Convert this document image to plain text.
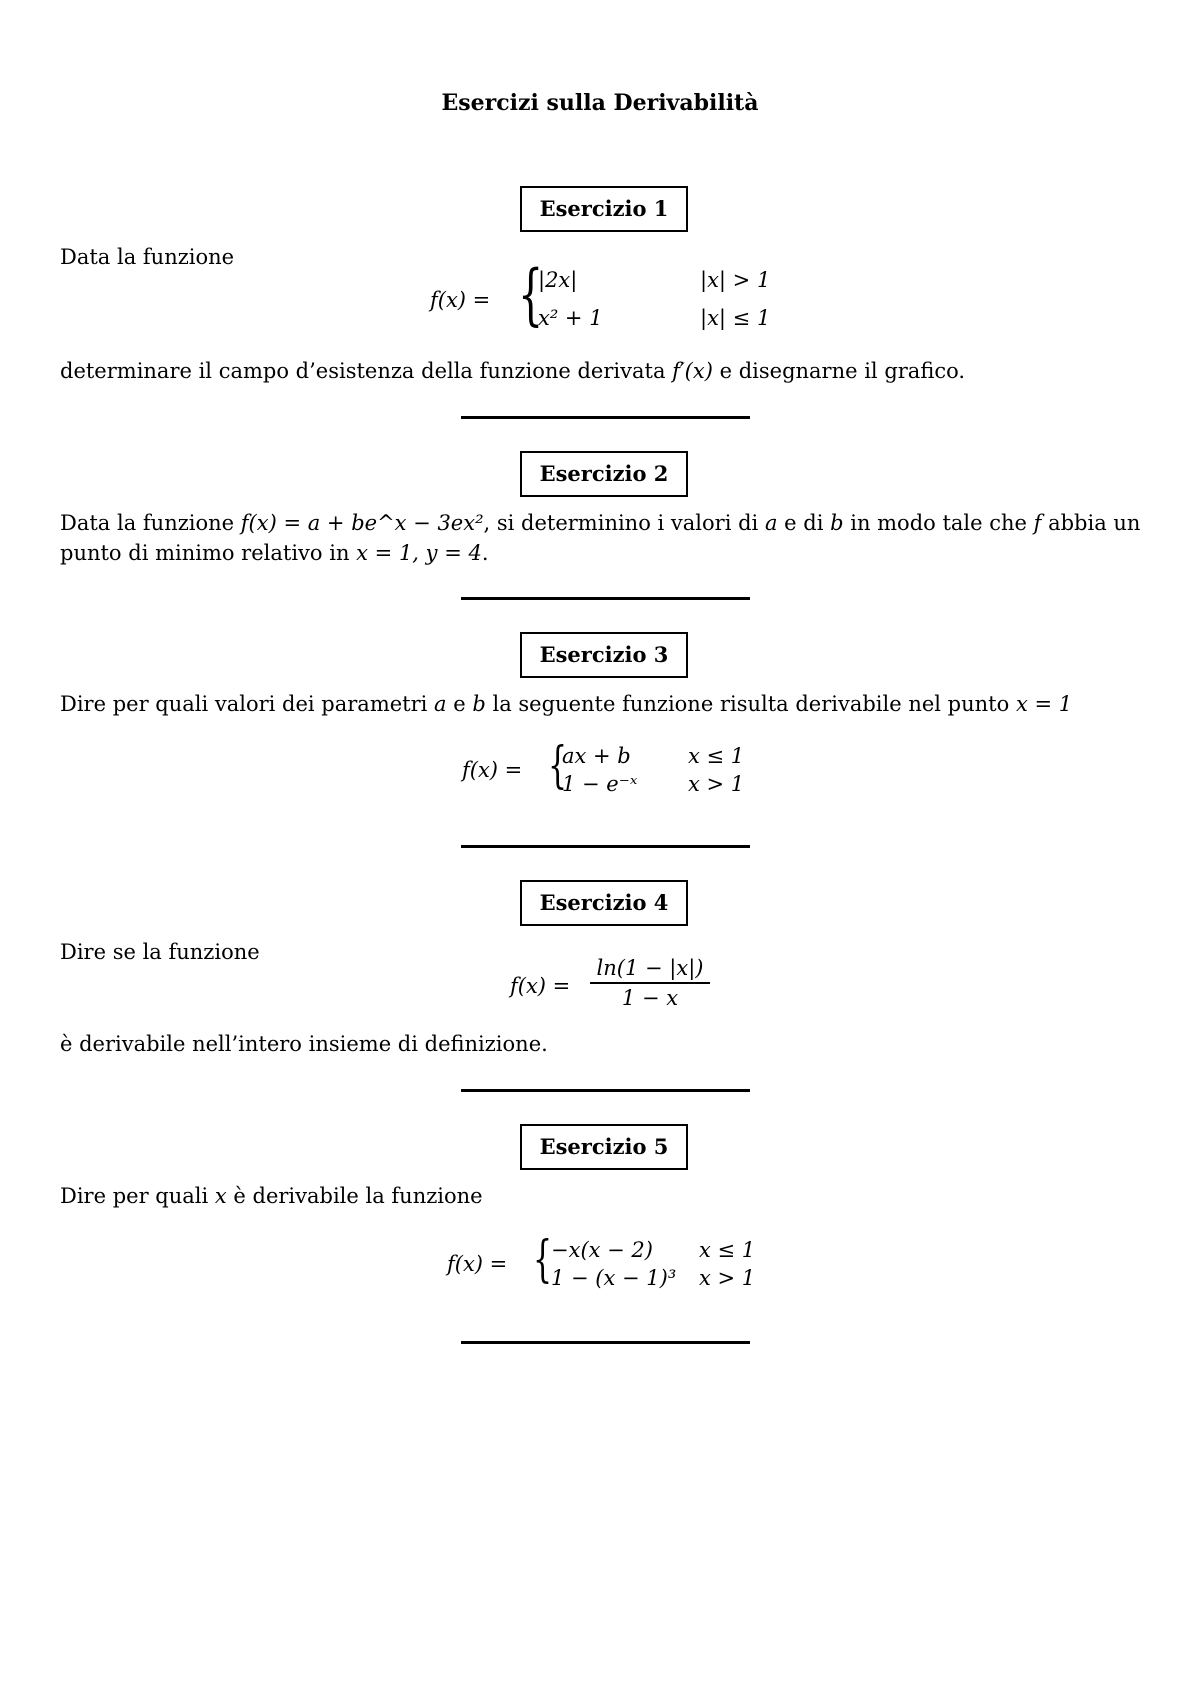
Esercizi sulla Derivabilità
Esercizio 1
Data la funzione
f(x) = {
|2x|	|x| > 1
x² + 1	|x| ≤ 1
determinare il campo d’esistenza della funzione derivata f′(x) e disegnarne il grafico.
Esercizio 2
Data la funzione f(x) = a + be^x − 3ex², si determinino i valori di a e di b in modo tale che f abbia un
punto di minimo relativo in x = 1, y = 4.
Esercizio 3
Dire per quali valori dei parametri a e b la seguente funzione risulta derivabile nel punto x = 1
f(x) = {
ax + b	x ≤ 1
1 − e⁻ˣ x > 1
Esercizio 4
Dire se la funzione
f(x) =
ln(1 − |x|)
1 − x
è derivabile nell’intero insieme di definizione.
Esercizio 5
Dire per quali x è derivabile la funzione
f(x) = {
−x(x − 2) x ≤ 1
1 − (x − 1)³ x > 1
